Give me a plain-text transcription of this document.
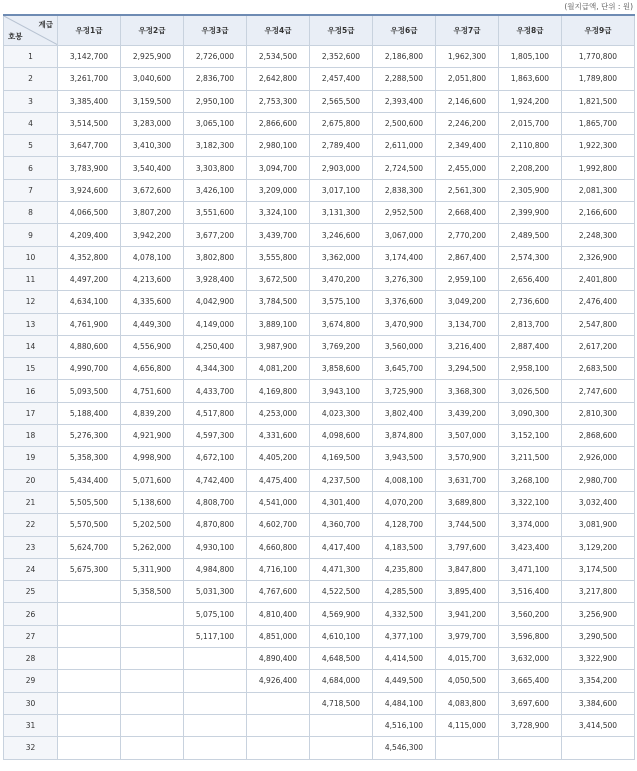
(월지급액, 단위 : 원)
계급
호봉	우정1급	우정2급	우정3급	우정4급	우정5급	우정6급	우정7급	우정8급	우정9급
1	3,142,700	2,925,900	2,726,000	2,534,500	2,352,600	2,186,800	1,962,300	1,805,100	1,770,800
2	3,261,700	3,040,600	2,836,700	2,642,800	2,457,400	2,288,500	2,051,800	1,863,600	1,789,800
3	3,385,400	3,159,500	2,950,100	2,753,300	2,565,500	2,393,400	2,146,600	1,924,200	1,821,500
4	3,514,500	3,283,000	3,065,100	2,866,600	2,675,800	2,500,600	2,246,200	2,015,700	1,865,700
5	3,647,700	3,410,300	3,182,300	2,980,100	2,789,400	2,611,000	2,349,400	2,110,800	1,922,300
6	3,783,900	3,540,400	3,303,800	3,094,700	2,903,000	2,724,500	2,455,000	2,208,200	1,992,800
7	3,924,600	3,672,600	3,426,100	3,209,000	3,017,100	2,838,300	2,561,300	2,305,900	2,081,300
8	4,066,500	3,807,200	3,551,600	3,324,100	3,131,300	2,952,500	2,668,400	2,399,900	2,166,600
9	4,209,400	3,942,200	3,677,200	3,439,700	3,246,600	3,067,000	2,770,200	2,489,500	2,248,300
10	4,352,800	4,078,100	3,802,800	3,555,800	3,362,000	3,174,400	2,867,400	2,574,300	2,326,900
11	4,497,200	4,213,600	3,928,400	3,672,500	3,470,200	3,276,300	2,959,100	2,656,400	2,401,800
12	4,634,100	4,335,600	4,042,900	3,784,500	3,575,100	3,376,600	3,049,200	2,736,600	2,476,400
13	4,761,900	4,449,300	4,149,000	3,889,100	3,674,800	3,470,900	3,134,700	2,813,700	2,547,800
14	4,880,600	4,556,900	4,250,400	3,987,900	3,769,200	3,560,000	3,216,400	2,887,400	2,617,200
15	4,990,700	4,656,800	4,344,300	4,081,200	3,858,600	3,645,700	3,294,500	2,958,100	2,683,500
16	5,093,500	4,751,600	4,433,700	4,169,800	3,943,100	3,725,900	3,368,300	3,026,500	2,747,600
17	5,188,400	4,839,200	4,517,800	4,253,000	4,023,300	3,802,400	3,439,200	3,090,300	2,810,300
18	5,276,300	4,921,900	4,597,300	4,331,600	4,098,600	3,874,800	3,507,000	3,152,100	2,868,600
19	5,358,300	4,998,900	4,672,100	4,405,200	4,169,500	3,943,500	3,570,900	3,211,500	2,926,000
20	5,434,400	5,071,600	4,742,400	4,475,400	4,237,500	4,008,100	3,631,700	3,268,100	2,980,700
21	5,505,500	5,138,600	4,808,700	4,541,000	4,301,400	4,070,200	3,689,800	3,322,100	3,032,400
22	5,570,500	5,202,500	4,870,800	4,602,700	4,360,700	4,128,700	3,744,500	3,374,000	3,081,900
23	5,624,700	5,262,000	4,930,100	4,660,800	4,417,400	4,183,500	3,797,600	3,423,400	3,129,200
24	5,675,300	5,311,900	4,984,800	4,716,100	4,471,300	4,235,800	3,847,800	3,471,100	3,174,500
25		5,358,500	5,031,300	4,767,600	4,522,500	4,285,500	3,895,400	3,516,400	3,217,800
26			5,075,100	4,810,400	4,569,900	4,332,500	3,941,200	3,560,200	3,256,900
27			5,117,100	4,851,000	4,610,100	4,377,100	3,979,700	3,596,800	3,290,500
28				4,890,400	4,648,500	4,414,500	4,015,700	3,632,000	3,322,900
29				4,926,400	4,684,000	4,449,500	4,050,500	3,665,400	3,354,200
30					4,718,500	4,484,100	4,083,800	3,697,600	3,384,600
31						4,516,100	4,115,000	3,728,900	3,414,500
32						4,546,300			
